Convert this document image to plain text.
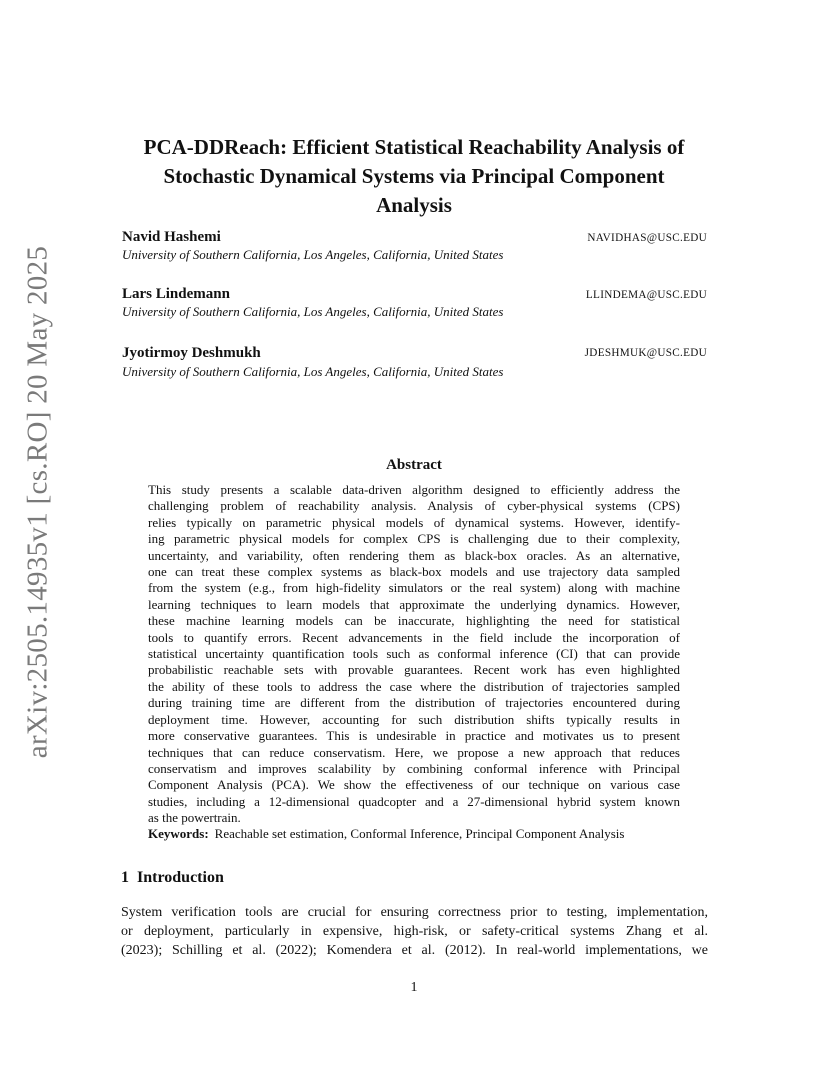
arXiv:2505.14935v1 [cs.RO] 20 May 2025
PCA-DDReach: Efficient Statistical Reachability Analysis of
Stochastic Dynamical Systems via Principal Component
Analysis
Navid Hashemi	NAVIDHAS@USC.EDU
University of Southern California, Los Angeles, California, United States
Lars Lindemann	LLINDEMA@USC.EDU
University of Southern California, Los Angeles, California, United States
Jyotirmoy Deshmukh	JDESHMUK@USC.EDU
University of Southern California, Los Angeles, California, United States
Abstract
This study presents a scalable data-driven algorithm designed to efficiently address the
challenging problem of reachability analysis. Analysis of cyber-physical systems (CPS)
relies typically on parametric physical models of dynamical systems. However, identify-
ing parametric physical models for complex CPS is challenging due to their complexity,
uncertainty, and variability, often rendering them as black-box oracles. As an alternative,
one can treat these complex systems as black-box models and use trajectory data sampled
from the system (e.g., from high-fidelity simulators or the real system) along with machine
learning techniques to learn models that approximate the underlying dynamics. However,
these machine learning models can be inaccurate, highlighting the need for statistical
tools to quantify errors. Recent advancements in the field include the incorporation of
statistical uncertainty quantification tools such as conformal inference (CI) that can provide
probabilistic reachable sets with provable guarantees. Recent work has even highlighted
the ability of these tools to address the case where the distribution of trajectories sampled
during training time are different from the distribution of trajectories encountered during
deployment time. However, accounting for such distribution shifts typically results in
more conservative guarantees. This is undesirable in practice and motivates us to present
techniques that can reduce conservatism. Here, we propose a new approach that reduces
conservatism and improves scalability by combining conformal inference with Principal
Component Analysis (PCA). We show the effectiveness of our technique on various case
studies, including a 12-dimensional quadcopter and a 27-dimensional hybrid system known
as the powertrain.
Keywords: Reachable set estimation, Conformal Inference, Principal Component Analysis
1 Introduction
System verification tools are crucial for ensuring correctness prior to testing, implementation,
or deployment, particularly in expensive, high-risk, or safety-critical systems Zhang et al.
(2023); Schilling et al. (2022); Komendera et al. (2012). In real-world implementations, we
1
